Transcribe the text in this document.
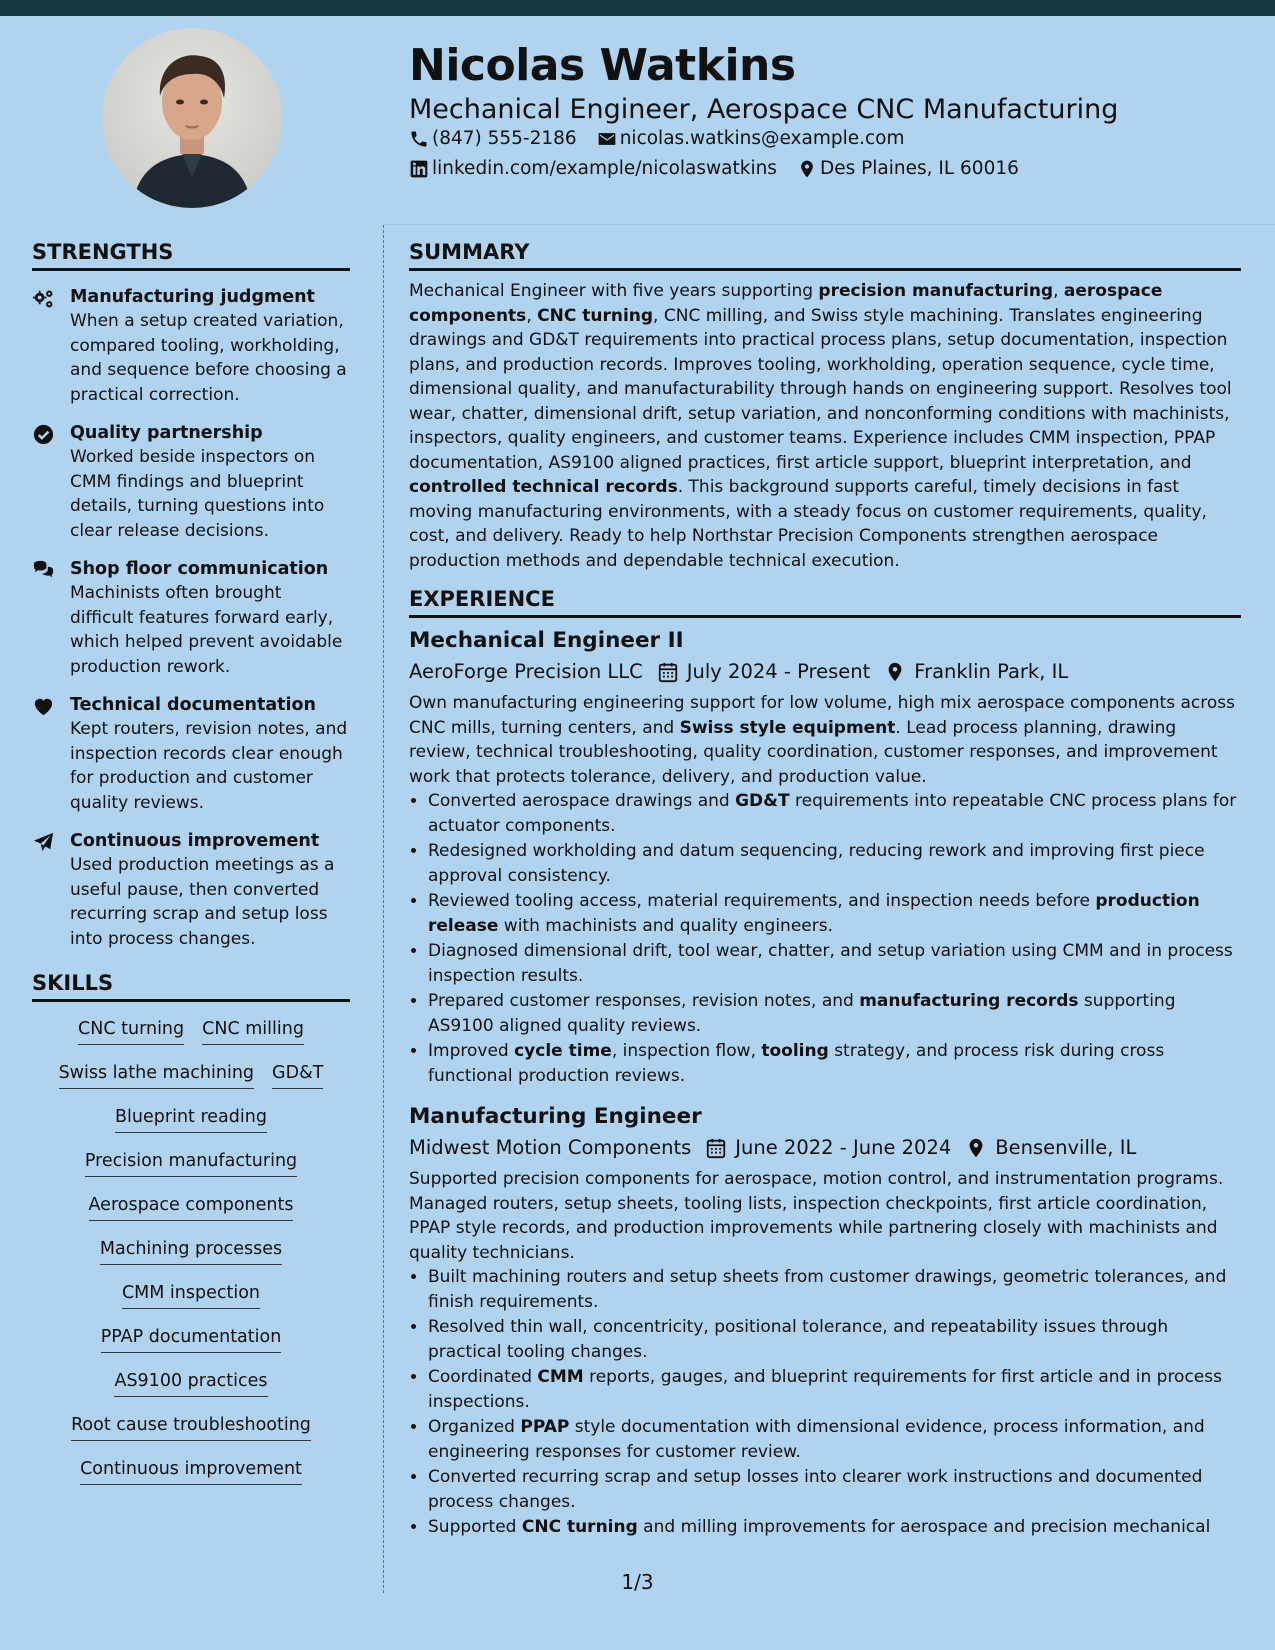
Nicolas Watkins
Mechanical Engineer, Aerospace CNC Manufacturing
(847) 555-2186 nicolas.watkins@example.com
linkedin.com/example/nicolaswatkins Des Plaines, IL 60016
STRENGTHS
Manufacturing judgment
When a setup created variation, compared tooling, workholding, and sequence before choosing a practical correction.
Quality partnership
Worked beside inspectors on CMM findings and blueprint details, turning questions into clear release decisions.
Shop floor communication
Machinists often brought difficult features forward early, which helped prevent avoidable production rework.
Technical documentation
Kept routers, revision notes, and inspection records clear enough for production and customer quality reviews.
Continuous improvement
Used production meetings as a useful pause, then converted recurring scrap and setup loss into process changes.
SKILLS
CNC turning CNC milling
Swiss lathe machining GD&T
Blueprint reading
Precision manufacturing
Aerospace components
Machining processes
CMM inspection
PPAP documentation
AS9100 practices
Root cause troubleshooting
Continuous improvement
SUMMARY
Mechanical Engineer with five years supporting precision manufacturing, aerospace components, CNC turning, CNC milling, and Swiss style machining. Translates engineering drawings and GD&T requirements into practical process plans, setup documentation, inspection plans, and production records. Improves tooling, workholding, operation sequence, cycle time, dimensional quality, and manufacturability through hands on engineering support. Resolves tool wear, chatter, dimensional drift, setup variation, and nonconforming conditions with machinists, inspectors, quality engineers, and customer teams. Experience includes CMM inspection, PPAP documentation, AS9100 aligned practices, first article support, blueprint interpretation, and controlled technical records. This background supports careful, timely decisions in fast moving manufacturing environments, with a steady focus on customer requirements, quality, cost, and delivery. Ready to help Northstar Precision Components strengthen aerospace production methods and dependable technical execution.
EXPERIENCE
Mechanical Engineer II
AeroForge Precision LLC July 2024 - Present Franklin Park, IL
Own manufacturing engineering support for low volume, high mix aerospace components across CNC mills, turning centers, and Swiss style equipment. Lead process planning, drawing review, technical troubleshooting, quality coordination, customer responses, and improvement work that protects tolerance, delivery, and production value.
• Converted aerospace drawings and GD&T requirements into repeatable CNC process plans for actuator components.
• Redesigned workholding and datum sequencing, reducing rework and improving first piece approval consistency.
• Reviewed tooling access, material requirements, and inspection needs before production release with machinists and quality engineers.
• Diagnosed dimensional drift, tool wear, chatter, and setup variation using CMM and in process inspection results.
• Prepared customer responses, revision notes, and manufacturing records supporting AS9100 aligned quality reviews.
• Improved cycle time, inspection flow, tooling strategy, and process risk during cross functional production reviews.
Manufacturing Engineer
Midwest Motion Components June 2022 - June 2024 Bensenville, IL
Supported precision components for aerospace, motion control, and instrumentation programs. Managed routers, setup sheets, tooling lists, inspection checkpoints, first article coordination, PPAP style records, and production improvements while partnering closely with machinists and quality technicians.
• Built machining routers and setup sheets from customer drawings, geometric tolerances, and finish requirements.
• Resolved thin wall, concentricity, positional tolerance, and repeatability issues through practical tooling changes.
• Coordinated CMM reports, gauges, and blueprint requirements for first article and in process inspections.
• Organized PPAP style documentation with dimensional evidence, process information, and engineering responses for customer review.
• Converted recurring scrap and setup losses into clearer work instructions and documented process changes.
• Supported CNC turning and milling improvements for aerospace and precision mechanical
1/3
